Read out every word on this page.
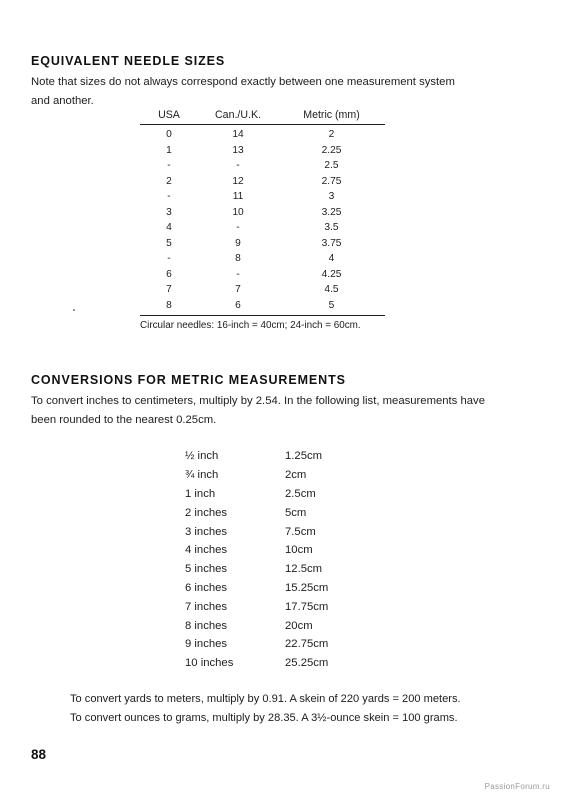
EQUIVALENT NEEDLE SIZES

Note that sizes do not always correspond exactly between one measurement system

and another.

USA	Can./U.K.	Metric (mm)
0	14	2
1	13	2.25
-	-	2.5
2	12	2.75
-	11	3
3	10	3.25
4	-	3.5
5	9	3.75
-	8	4
6	-	4.25
7	7	4.5
8	6	5
Circular needles: 16-inch = 40cm; 24-inch = 60cm.
CONVERSIONS FOR METRIC MEASUREMENTS

To convert inches to centimeters, multiply by 2.54. In the following list, measurements have

been rounded to the nearest 0.25cm.

½ inch	1.25cm
¾ inch	2cm
1 inch	2.5cm
2 inches	5cm
3 inches	7.5cm
4 inches	10cm
5 inches	12.5cm
6 inches	15.25cm
7 inches	17.75cm
8 inches	20cm
9 inches	22.75cm
10 inches	25.25cm

To convert yards to meters, multiply by 0.91. A skein of 220 yards = 200 meters.

To convert ounces to grams, multiply by 28.35. A 3½-ounce skein = 100 grams.

88
PassionForum.ru
